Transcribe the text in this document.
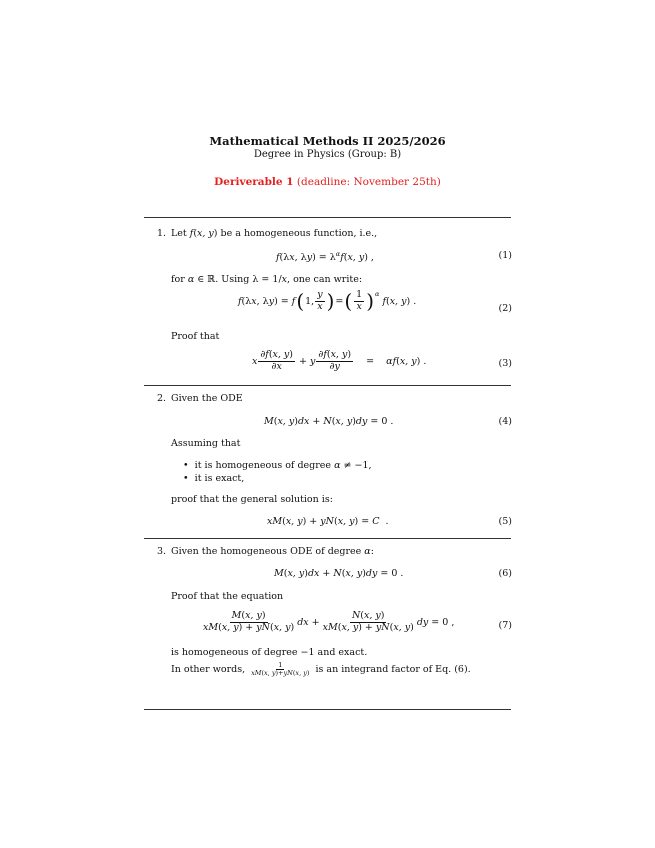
Mathematical Methods II 2025/2026
Degree in Physics (Group: B)
Deriverable 1 (deadline: November 25th)
1. Let f(x, y) be a homogeneous function, i.e.,
f(λx, $\lambda y) = \lambda^\alpha f(x$, y) ,	(1)
for α ∈ ℝ. Using λ = 1/x, one can write:
f(λx, λy) = f ( 1, $\frac{y}{x}$ ) = ( $\frac{1}{x}$ ) $^\alpha$
f(x, y) .
(2)
Proof that
x $\frac{\partial f(x, y)}{\partial x} + y \frac{\partial f(x, y)}{\partial y}$ =    αf(x, y) .	(3)
2. Given the ODE
M(x, y)dx + N(x, y)dy = 0 .	(4)
Assuming that
•  it is homogeneous of degree α ≠ −1,
•  it is exact,
proof that the general solution is:
xM(x, y) + yN(x, y) = C  .	(5)
3. Given the homogeneous ODE of degree α:
M(x, y)dx + N(x, y)dy = 0 .	(6)
Proof that the equation
$\frac{M(x, y)}{xM(x, y) + yN(x, y)}$ dx + $\frac{N(x, y)}{xM(x, y) + yN(x, y)}$ dy = 0 ,	(7)
is homogeneous of degree −1 and exact.
In other words,
$\frac{1}{xM(x, y)+yN(x, y)}$
is an integrand factor of Eq. (6).
